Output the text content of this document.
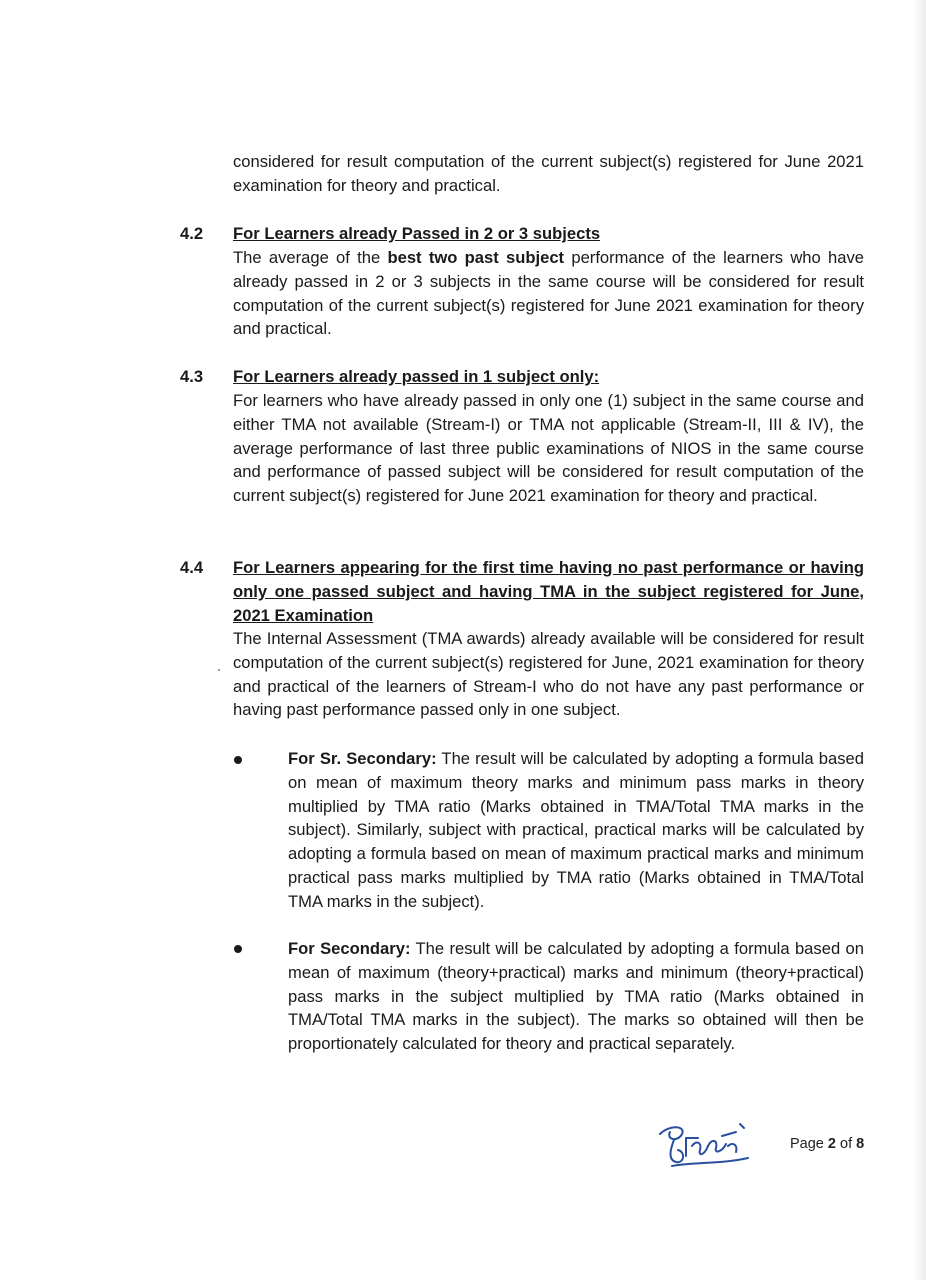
considered for result computation of the current subject(s) registered for June 2021 examination for theory and practical.
4.2 For Learners already Passed in 2 or 3 subjects
The average of the best two past subject performance of the learners who have already passed in 2 or 3 subjects in the same course will be considered for result computation of the current subject(s) registered for June 2021 examination for theory and practical.
4.3 For Learners already passed in 1 subject only:
For learners who have already passed in only one (1) subject in the same course and either TMA not available (Stream-I) or TMA not applicable (Stream-II, III & IV), the average performance of last three public examinations of NIOS in the same course and performance of passed subject will be considered for result computation of the current subject(s) registered for June 2021 examination for theory and practical.
4.4 For Learners appearing for the first time having no past performance or having only one passed subject and having TMA in the subject registered for June, 2021 Examination
The Internal Assessment (TMA awards) already available will be considered for result computation of the current subject(s) registered for June, 2021 examination for theory and practical of the learners of Stream-I who do not have any past performance or having past performance passed only in one subject.
For Sr. Secondary: The result will be calculated by adopting a formula based on mean of maximum theory marks and minimum pass marks in theory multiplied by TMA ratio (Marks obtained in TMA/Total TMA marks in the subject). Similarly, subject with practical, practical marks will be calculated by adopting a formula based on mean of maximum practical marks and minimum practical pass marks multiplied by TMA ratio (Marks obtained in TMA/Total TMA marks in the subject).
For Secondary: The result will be calculated by adopting a formula based on mean of maximum (theory+practical) marks and minimum (theory+practical) pass marks in the subject multiplied by TMA ratio (Marks obtained in TMA/Total TMA marks in the subject). The marks so obtained will then be proportionately calculated for theory and practical separately.
Page 2 of 8
